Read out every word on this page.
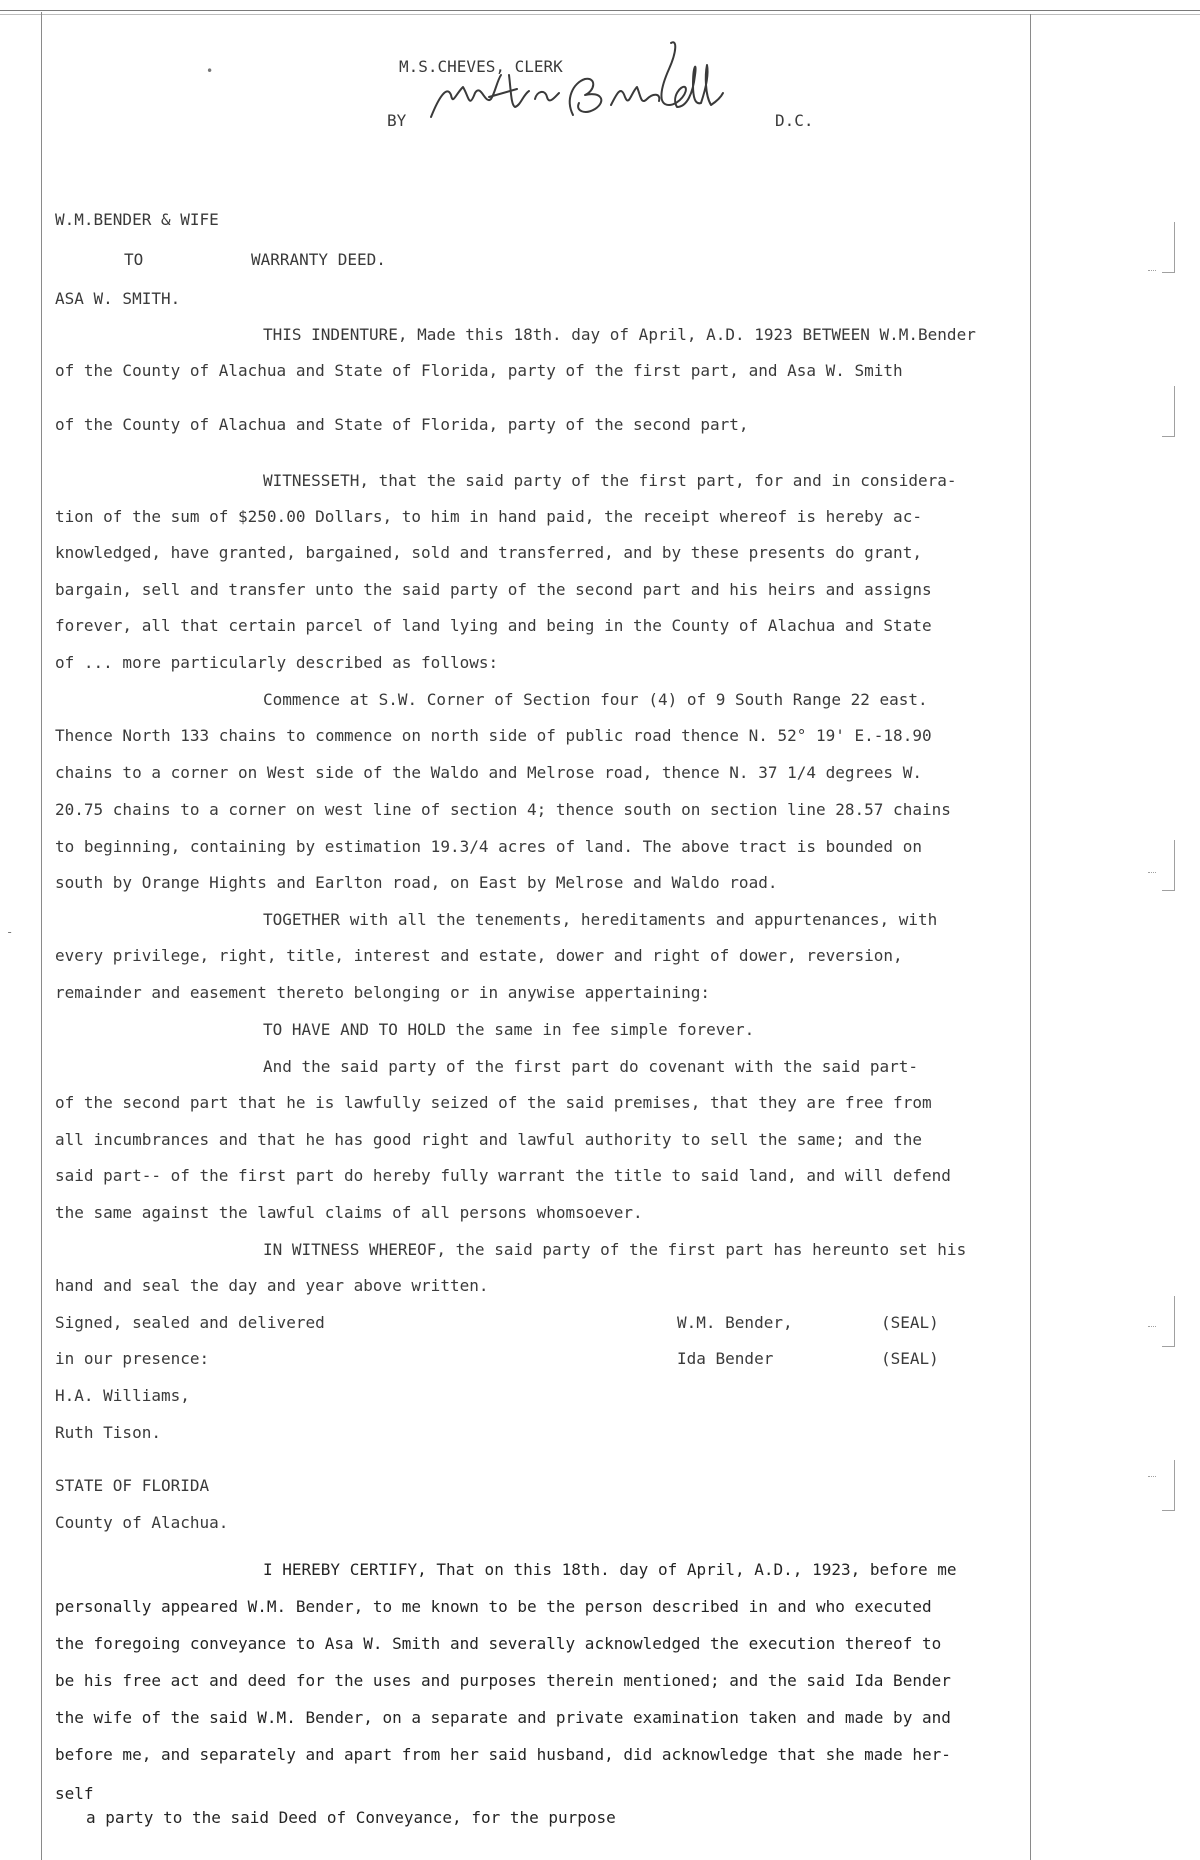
•
-
M.S.CHEVES, CLERK
BY	D.C.
W.M.BENDER & WIFE
TO	WARRANTY DEED.
ASA W. SMITH.
THIS INDENTURE, Made this 18th. day of April, A.D. 1923 BETWEEN W.M.Bender
of the County of Alachua and State of Florida, party of the first part, and Asa W. Smith
of the County of Alachua and State of Florida, party of the second part,
WITNESSETH, that the said party of the first part, for and in considera-
tion of the sum of $250.00 Dollars, to him in hand paid, the receipt whereof is hereby ac-
knowledged, have granted, bargained, sold and transferred, and by these presents do grant,
bargain, sell and transfer unto the said party of the second part and his heirs and assigns
forever, all that certain parcel of land lying and being in the County of Alachua and State
of ... more particularly described as follows:
Commence at S.W. Corner of Section four (4) of 9 South Range 22 east.
Thence North 133 chains to commence on north side of public road thence N. 52° 19' E.-18.90
chains to a corner on West side of the Waldo and Melrose road, thence N. 37 1/4 degrees W.
20.75 chains to a corner on west line of section 4; thence south on section line 28.57 chains
to beginning, containing by estimation 19.3/4 acres of land. The above tract is bounded on
south by Orange Hights and Earlton road, on East by Melrose and Waldo road.
TOGETHER with all the tenements, hereditaments and appurtenances, with
every privilege, right, title, interest and estate, dower and right of dower, reversion,
remainder and easement thereto belonging or in anywise appertaining:
TO HAVE AND TO HOLD the same in fee simple forever.
And the said party of the first part do covenant with the said part-
of the second part that he is lawfully seized of the said premises, that they are free from
all incumbrances and that he has good right and lawful authority to sell the same; and the
said part-- of the first part do hereby fully warrant the title to said land, and will defend
the same against the lawful claims of all persons whomsoever.
IN WITNESS WHEREOF, the said party of the first part has hereunto set his
hand and seal the day and year above written.
Signed, sealed and delivered
in our presence:
H.A. Williams,
Ruth Tison.
W.M. Bender,
Ida Bender
(SEAL)
(SEAL)
STATE OF FLORIDA
County of Alachua.
I HEREBY CERTIFY, That on this 18th. day of April, A.D., 1923, before me
personally appeared W.M. Bender, to me known to be the person described in and who executed
the foregoing conveyance to Asa W. Smith and severally acknowledged the execution thereof to
be his free act and deed for the uses and purposes therein mentioned; and the said Ida Bender
the wife of the said W.M. Bender, on a separate and private examination taken and made by and
before me, and separately and apart from her said husband, did acknowledge that she made her-
self
a party to the said Deed of Conveyance, for the purpose
